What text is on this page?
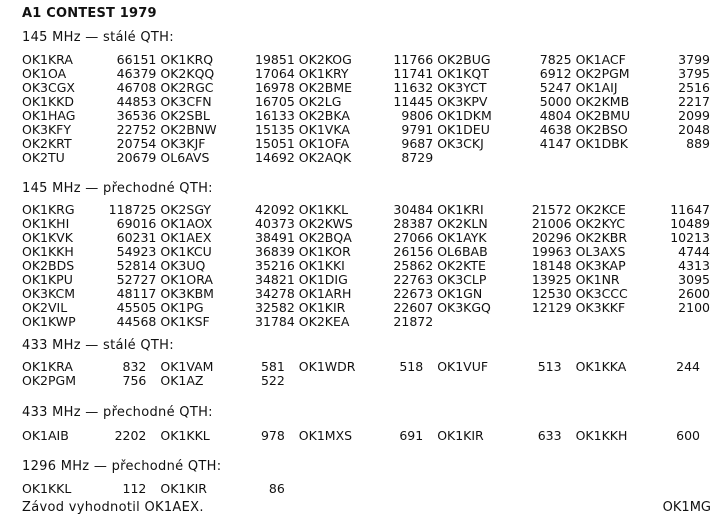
A1 CONTEST 1979
145 MHz — stálé QTH:
OK1KRA	66151 OK1KRQ	19851 OK2KOG	11766 OK2BUG	7825 OK1ACF	3799
OK1OA	46379 OK2KQQ	17064 OK1KRY	11741 OK1KQT	6912 OK2PGM	3795
OK3CGX	46708 OK2RGC	16978 OK2BME	11632 OK3YCT	5247 OK1AIJ	2516
OK1KKD	44853 OK3CFN	16705 OK2LG	11445 OK3KPV	5000 OK2KMB	2217
OK1HAG	36536 OK2SBL	16133 OK2BKA	9806 OK1DKM	4804 OK2BMU	2099
OK3KFY	22752 OK2BNW	15135 OK1VKA	9791 OK1DEU	4638 OK2BSO	2048
OK2KRT	20754 OK3KJF	15051 OK1OFA	9687 OK3CKJ	4147 OK1DBK	889
OK2TU	20679 OL6AVS	14692 OK2AQK	8729
145 MHz — přechodné QTH:
OK1KRG	118725 OK2SGY	42092 OK1KKL	30484 OK1KRI	21572 OK2KCE	11647
OK1KHI	69016 OK1AOX	40373 OK2KWS	28387 OK2KLN	21006 OK2KYC	10489
OK1KVK	60231 OK1AEX	38491 OK2BQA	27066 OK1AYK	20296 OK2KBR	10213
OK1KKH	54923 OK1KCU	36839 OK1KOR	26156 OL6BAB	19963 OL3AXS	4744
OK2BDS	52814 OK3UQ	35216 OK1KKI	25862 OK2KTE	18148 OK3KAP	4313
OK1KPU	52727 OK1ORA	34821 OK1DIG	22763 OK3CLP	13925 OK1NR	3095
OK3KCM	48117 OK3KBM	34278 OK1ARH	22673 OK1GN	12530 OK3CCC	2600
OK2VIL	45505 OK1PG	32582 OK1KIR	22607 OK3KGQ	12129 OK3KKF	2100
OK1KWP	44568 OK1KSF	31784 OK2KEA	21872
433 MHz — stálé QTH:
OK1KRA	832 OK1VAM	581 OK1WDR	518 OK1VUF	513 OK1KKA	244
OK2PGM	756 OK1AZ	522
433 MHz — přechodné QTH:
OK1AIB	2202 OK1KKL	978 OK1MXS	691 OK1KIR	633 OK1KKH	600
1296 MHz — přechodné QTH:
OK1KKL	112 OK1KIR	86
Závod vyhodnotil OK1AEX.	OK1MG
